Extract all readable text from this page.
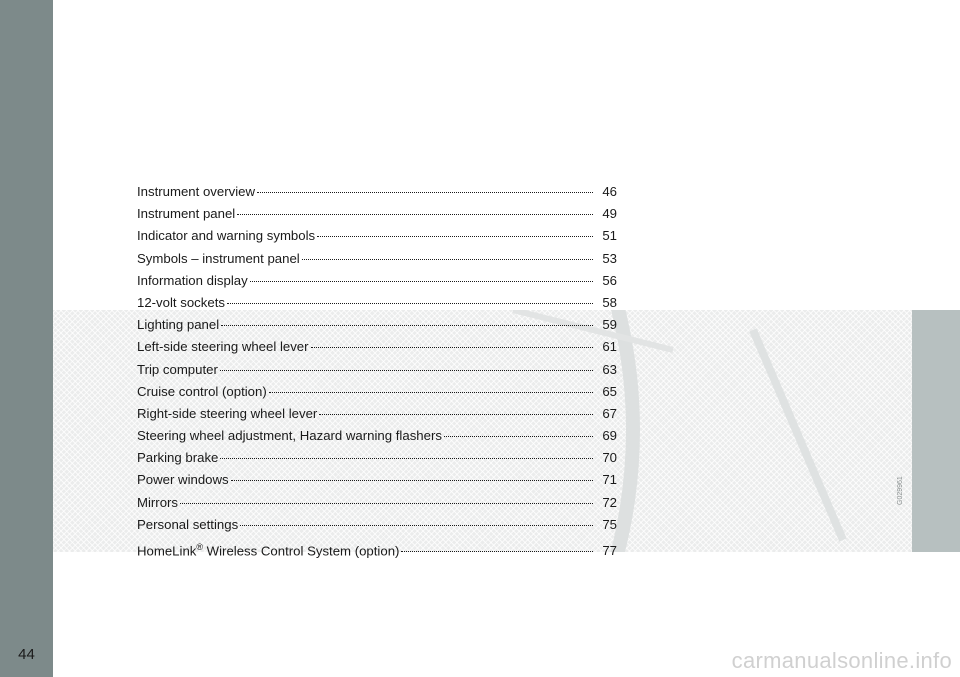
44
G029961
Instrument overview	46
Instrument panel	49
Indicator and warning symbols	51
Symbols – instrument panel	53
Information display	56
12-volt sockets	58
Lighting panel	59
Left-side steering wheel lever	61
Trip computer	63
Cruise control (option)	65
Right-side steering wheel lever	67
Steering wheel adjustment, Hazard warning flashers	69
Parking brake	70
Power windows	71
Mirrors	72
Personal settings	75
HomeLink® Wireless Control System (option)	77
carmanualsonline.info
